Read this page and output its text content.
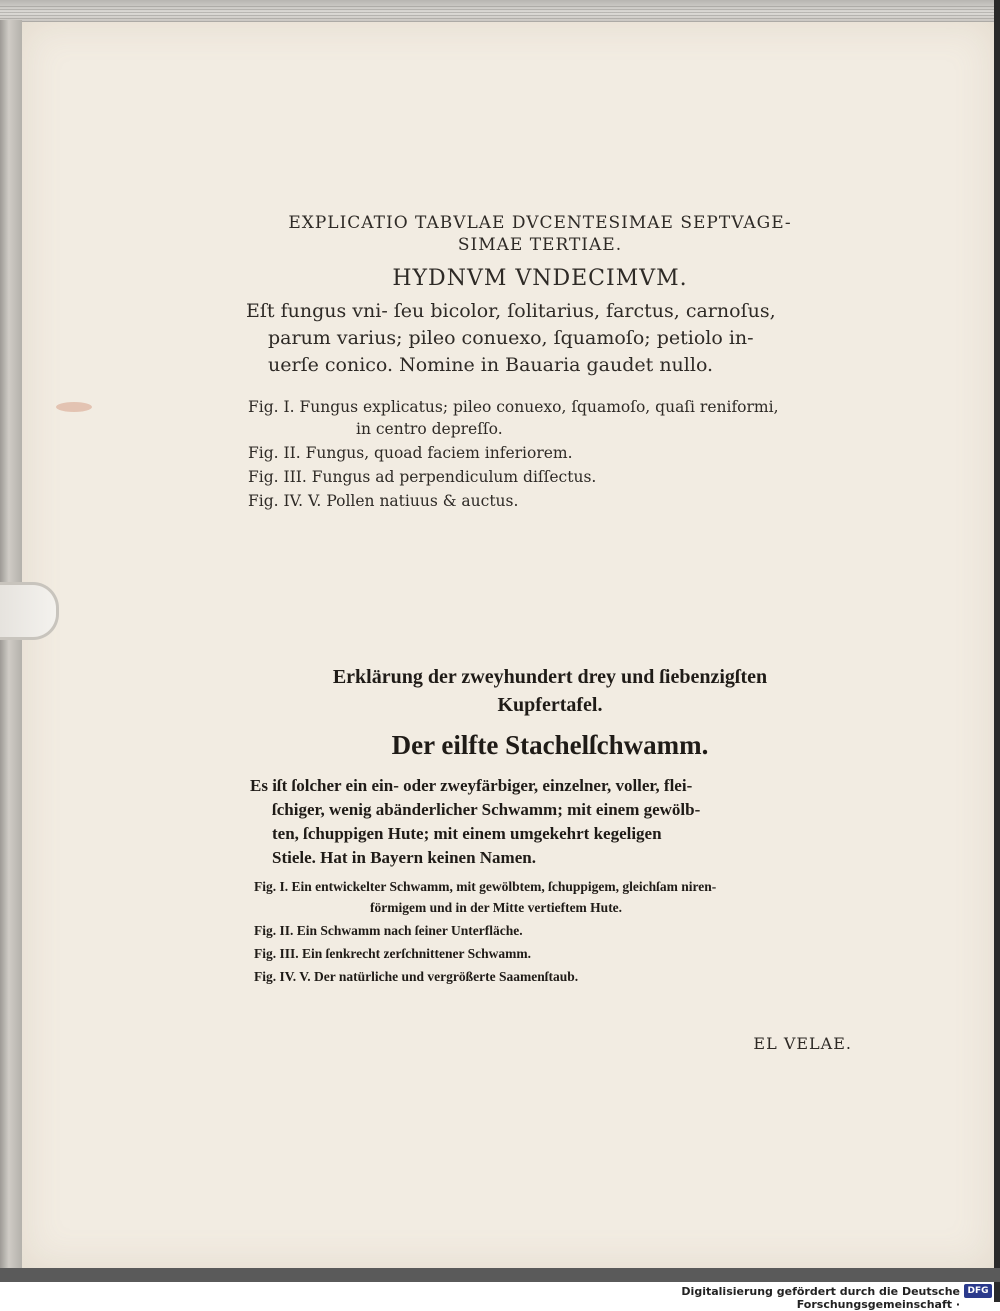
EXPLICATIO TABVLAE DVCENTESIMAE SEPTVAGE-
SIMAE TERTIAE.
HYDNVM VNDECIMVM.
Eſt fungus vni- ſeu bicolor, ſolitarius, farctus, carnoſus,
parum varius; pileo conuexo, ſquamoſo; petiolo in-
uerſe conico. Nomine in Bauaria gaudet nullo.
Fig. I. Fungus explicatus; pileo conuexo, ſquamoſo, quaſi reniformi,
in centro depreſſo.
Fig. II. Fungus, quoad faciem inferiorem.
Fig. III. Fungus ad perpendiculum diſſectus.
Fig. IV. V. Pollen natiuus & auctus.
Erklärung der zweyhundert drey und ſiebenzigſten
Kupfertafel.
Der eilfte Stachelſchwamm.
Es iſt ſolcher ein ein- oder zweyfärbiger, einzelner, voller, flei-
ſchiger, wenig abänderlicher Schwamm; mit einem gewölb-
ten, ſchuppigen Hute; mit einem umgekehrt kegeligen
Stiele. Hat in Bayern keinen Namen.
Fig. I. Ein entwickelter Schwamm, mit gewölbtem, ſchuppigem, gleichſam niren-
förmigem und in der Mitte vertieftem Hute.
Fig. II. Ein Schwamm nach ſeiner Unterfläche.
Fig. III. Ein ſenkrecht zerſchnittener Schwamm.
Fig. IV. V. Der natürliche und vergrößerte Saamenſtaub.
EL VELAE.
Digitalisierung gefördert durch die Deutsche Forschungsgemeinschaft ·
DFG
